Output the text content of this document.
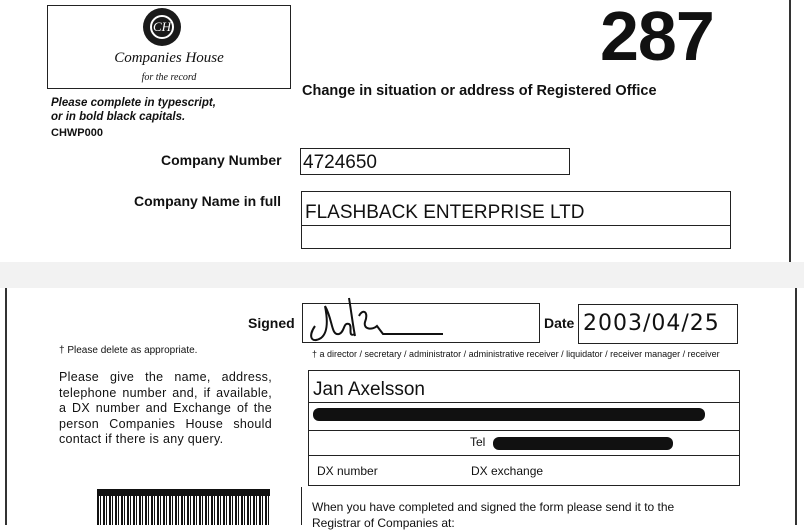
CH
Companies House
for the record
287
Change in situation or address of Registered Office
Please complete in typescript,
or in bold black capitals.
CHWP000
Company Number 4724650
Company Name in full
FLASHBACK ENTERPRISE LTD
Signed	Date 2003/04/25
† Please delete as appropriate.	† a director / secretary / administrator / administrative receiver / liquidator / receiver manager / receiver
Please give the name, address, telephone number and, if available, a DX number and Exchange of the person Companies House should contact if there is any query.
Jan Axelsson
Tel
DX number	DX exchange
When you have completed and signed the form please send it to the
Registrar of Companies at:
